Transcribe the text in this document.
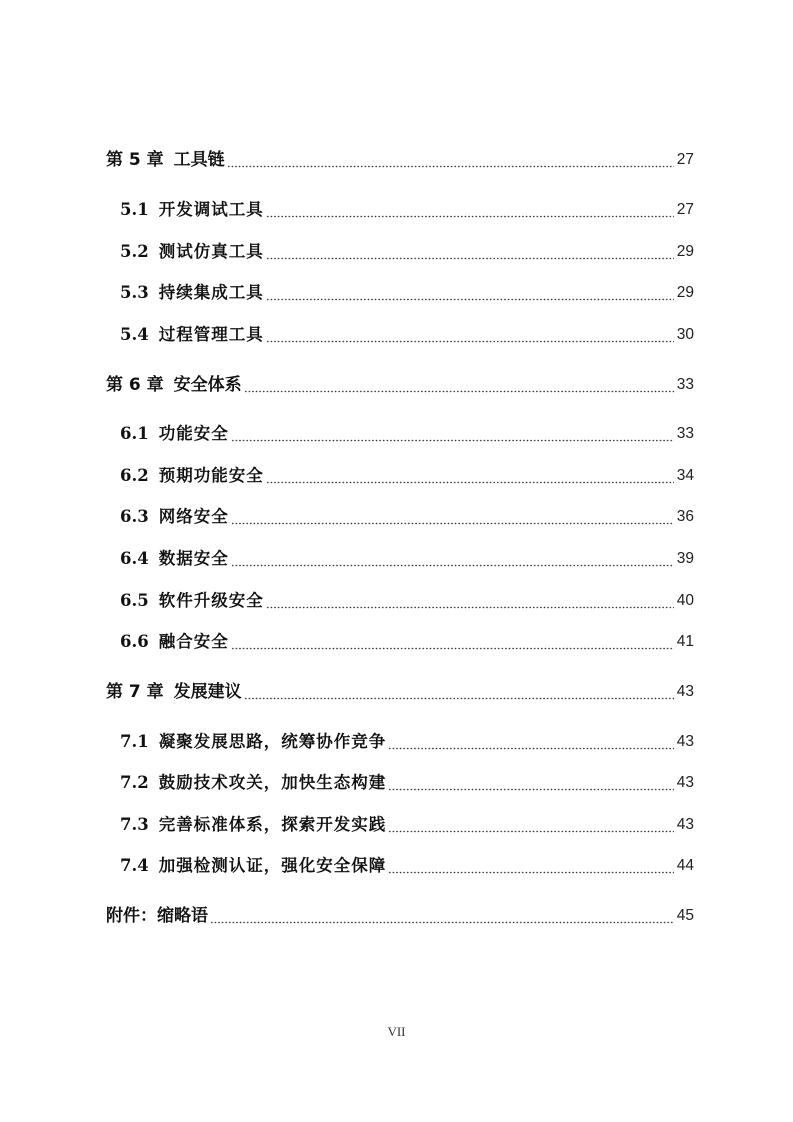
第 5 章 工具链	27
5.1 开发调试工具	27
5.2 测试仿真工具	29
5.3 持续集成工具	29
5.4 过程管理工具	30
第 6 章 安全体系	33
6.1 功能安全	33
6.2 预期功能安全	34
6.3 网络安全	36
6.4 数据安全	39
6.5 软件升级安全	40
6.6 融合安全	41
第 7 章 发展建议	43
7.1 凝聚发展思路，统筹协作竞争	43
7.2 鼓励技术攻关，加快生态构建	43
7.3 完善标准体系，探索开发实践	43
7.4 加强检测认证，强化安全保障	44
附件：缩略语	45
VII
